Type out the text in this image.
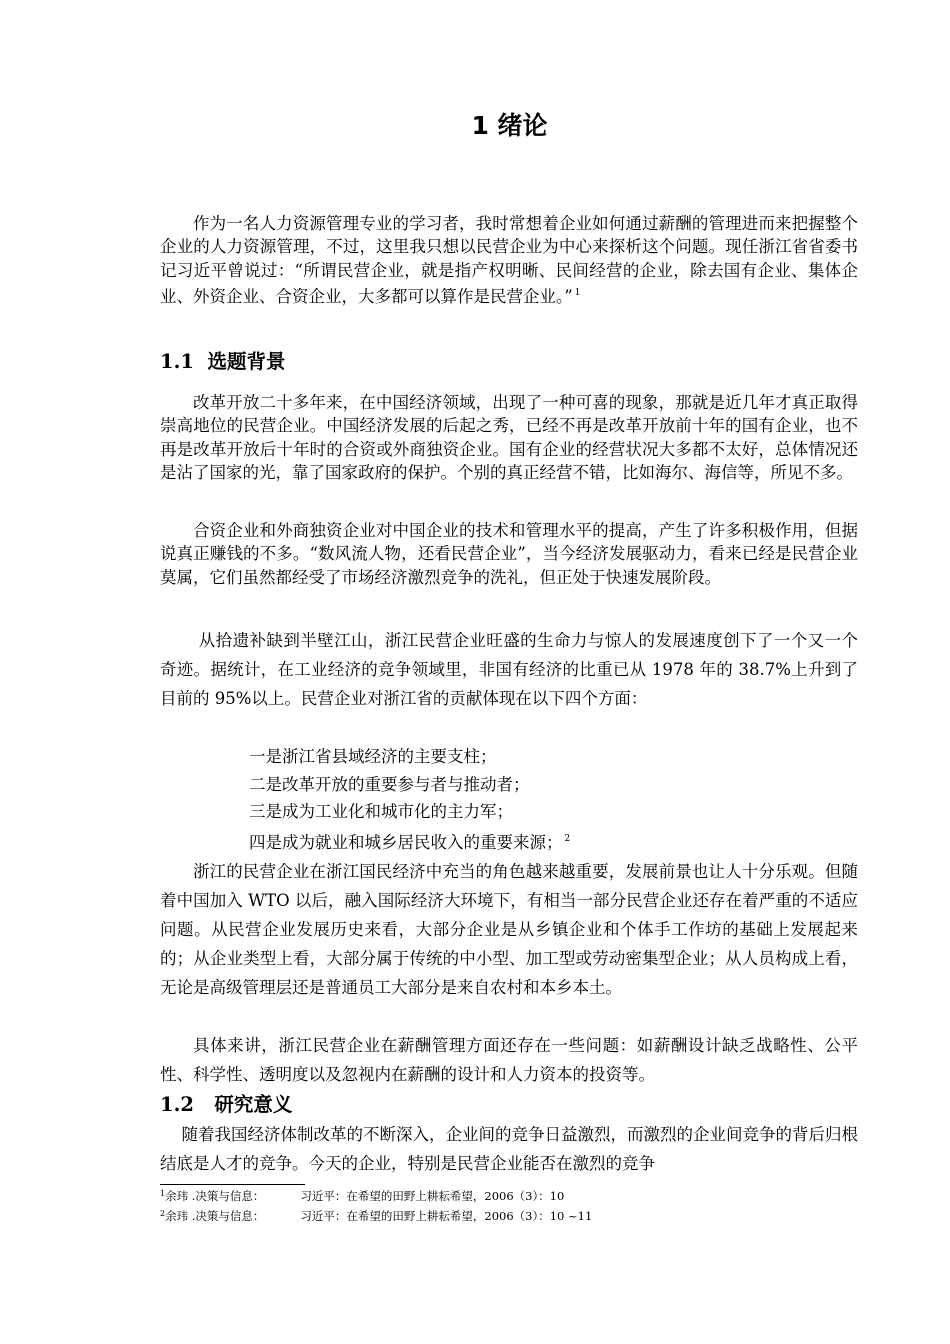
1 绪论

作为一名人力资源管理专业的学习者，我时常想着企业如何通过薪酬的管理进而来把握整个企业的人力资源管理，不过，这里我只想以民营企业为中心来探析这个问题。现任浙江省省委书记习近平曾说过：“所谓民营企业，就是指产权明晰、民间经营的企业，除去国有企业、集体企业、外资企业、合资企业，大多都可以算作是民营企业。” $^1$

1.1 选题背景

改革开放二十多年来，在中国经济领域，出现了一种可喜的现象，那就是近几年才真正取得崇高地位的民营企业。中国经济发展的后起之秀，已经不再是改革开放前十年的国有企业，也不再是改革开放后十年时的合资或外商独资企业。国有企业的经营状况大多都不太好，总体情况还是沾了国家的光，靠了国家政府的保护。个别的真正经营不错，比如海尔、海信等，所见不多。

合资企业和外商独资企业对中国企业的技术和管理水平的提高，产生了许多积极作用，但据说真正赚钱的不多。“数风流人物，还看民营企业”，当今经济发展驱动力，看来已经是民营企业莫属，它们虽然都经受了市场经济激烈竞争的洗礼，但正处于快速发展阶段。

从拾遗补缺到半壁江山，浙江民营企业旺盛的生命力与惊人的发展速度创下了一个又一个奇迹。据统计，在工业经济的竞争领域里，非国有经济的比重已从 1978 年的 38.7%上升到了目前的 95%以上。民营企业对浙江省的贡献体现在以下四个方面：

一是浙江省县域经济的主要支柱；
二是改革开放的重要参与者与推动者；
三是成为工业化和城市化的主力军；
四是成为就业和城乡居民收入的重要来源； $^2$

浙江的民营企业在浙江国民经济中充当的角色越来越重要，发展前景也让人十分乐观。但随着中国加入 WTO 以后，融入国际经济大环境下，有相当一部分民营企业还存在着严重的不适应问题。从民营企业发展历史来看，大部分企业是从乡镇企业和个体手工作坊的基础上发展起来的；从企业类型上看，大部分属于传统的中小型、加工型或劳动密集型企业；从人员构成上看，无论是高级管理层还是普通员工大部分是来自农村和本乡本土。

具体来讲，浙江民营企业在薪酬管理方面还存在一些问题：如薪酬设计缺乏战略性、公平性、科学性、透明度以及忽视内在薪酬的设计和人力资本的投资等。

1.2 研究意义

随着我国经济体制改革的不断深入，企业间的竞争日益激烈，而激烈的企业间竞争的背后归根结底是人才的竞争。今天的企业，特别是民营企业能否在激烈的竞争

$^1$余玮 .决策与信息：	习近平：在希望的田野上耕耘希望，2006（3）：10
$^2$余玮 .决策与信息：	习近平：在希望的田野上耕耘希望，2006（3）：10 ~11
